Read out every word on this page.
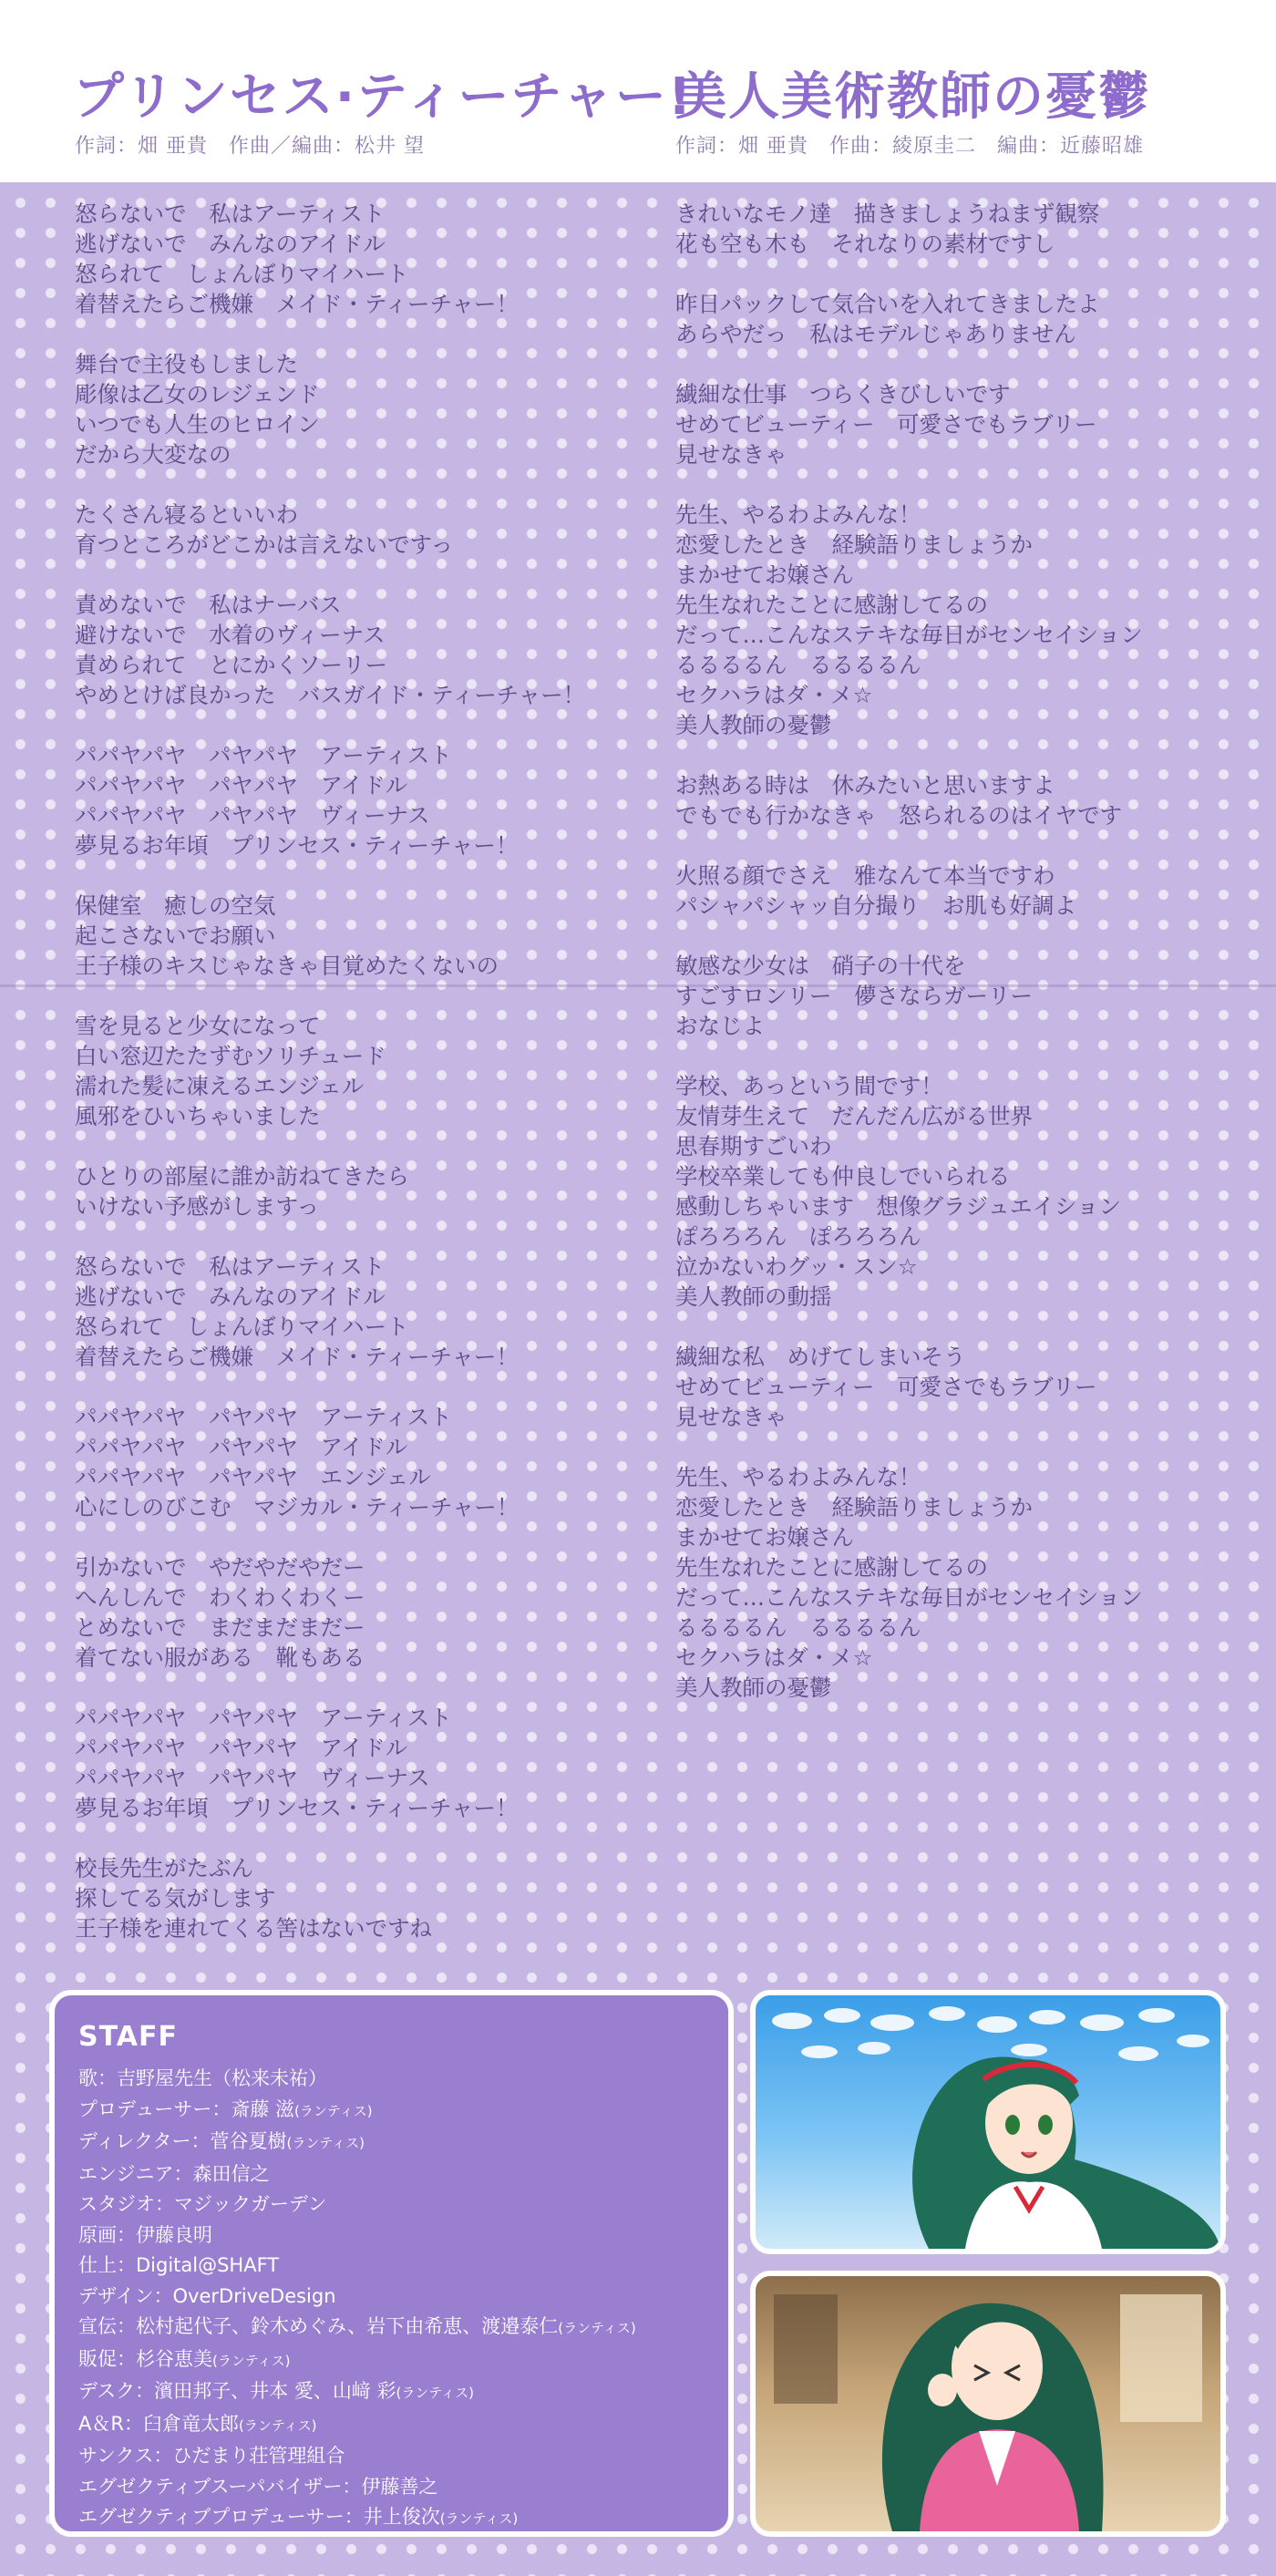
プリンセス·ティーチャー!
作詞：畑 亜貴　作曲／編曲：松井 望
美人美術教師の憂鬱
作詞：畑 亜貴　作曲：綾原圭二　編曲：近藤昭雄
怒らないで　私はアーティスト
逃げないで　みんなのアイドル
怒られて　しょんぼりマイハート
着替えたらご機嫌　メイド・ティーチャー！
舞台で主役もしました
彫像は乙女のレジェンド
いつでも人生のヒロイン
だから大変なの
たくさん寝るといいわ
育つところがどこかは言えないですっ
責めないで　私はナーバス
避けないで　水着のヴィーナス
責められて　とにかくソーリー
やめとけば良かった　バスガイド・ティーチャー！
パパヤパヤ　パヤパヤ　アーティスト
パパヤパヤ　パヤパヤ　アイドル
パパヤパヤ　パヤパヤ　ヴィーナス
夢見るお年頃　プリンセス・ティーチャー！
保健室　癒しの空気
起こさないでお願い
王子様のキスじゃなきゃ目覚めたくないの
雪を見ると少女になって
白い窓辺たたずむソリチュード
濡れた髪に凍えるエンジェル
風邪をひいちゃいました
ひとりの部屋に誰か訪ねてきたら
いけない予感がしますっ
怒らないで　私はアーティスト
逃げないで　みんなのアイドル
怒られて　しょんぼりマイハート
着替えたらご機嫌　メイド・ティーチャー！
パパヤパヤ　パヤパヤ　アーティスト
パパヤパヤ　パヤパヤ　アイドル
パパヤパヤ　パヤパヤ　エンジェル
心にしのびこむ　マジカル・ティーチャー！
引かないで　やだやだやだー
へんしんで　わくわくわくー
とめないで　まだまだまだー
着てない服がある　靴もある
パパヤパヤ　パヤパヤ　アーティスト
パパヤパヤ　パヤパヤ　アイドル
パパヤパヤ　パヤパヤ　ヴィーナス
夢見るお年頃　プリンセス・ティーチャー！
校長先生がたぶん
探してる気がします
王子様を連れてくる筈はないですね
きれいなモノ達　描きましょうねまず観察
花も空も木も　それなりの素材ですし
昨日パックして気合いを入れてきましたよ
あらやだっ　私はモデルじゃありません
繊細な仕事　つらくきびしいです
せめてビューティー　可愛さでもラブリー
見せなきゃ
先生、やるわよみんな！
恋愛したとき　経験語りましょうか
まかせてお嬢さん
先生なれたことに感謝してるの
だって…こんなステキな毎日がセンセイション
るるるるん　るるるるん
セクハラはダ・メ☆
美人教師の憂鬱
お熱ある時は　休みたいと思いますよ
でもでも行かなきゃ　怒られるのはイヤです
火照る顔でさえ　雅なんて本当ですわ
パシャパシャッ自分撮り　お肌も好調よ
敏感な少女は　硝子の十代を
すごすロンリー　儚さならガーリー
おなじよ
学校、あっという間です！
友情芽生えて　だんだん広がる世界
思春期すごいわ
学校卒業しても仲良しでいられる
感動しちゃいます　想像グラジュエイション
ぽろろろん　ぽろろろん
泣かないわグッ・スン☆
美人教師の動揺
繊細な私　めげてしまいそう
せめてビューティー　可愛さでもラブリー
見せなきゃ
先生、やるわよみんな！
恋愛したとき　経験語りましょうか
まかせてお嬢さん
先生なれたことに感謝してるの
だって…こんなステキな毎日がセンセイション
るるるるん　るるるるん
セクハラはダ・メ☆
美人教師の憂鬱
STAFF
歌：吉野屋先生（松来未祐）
プロデューサー：斎藤 滋(ランティス)
ディレクター：菅谷夏樹(ランティス)
エンジニア：森田信之
スタジオ：マジックガーデン
原画：伊藤良明
仕上：Digital@SHAFT
デザイン：OverDriveDesign
宣伝：松村起代子、鈴木めぐみ、岩下由希恵、渡邉泰仁(ランティス)
販促：杉谷恵美(ランティス)
デスク：濱田邦子、井本 愛、山﨑 彩(ランティス)
A＆R：臼倉竜太郎(ランティス)
サンクス：ひだまり荘管理組合
エグゼクティブスーパバイザー：伊藤善之
エグゼクティブプロデューサー：井上俊次(ランティス)
